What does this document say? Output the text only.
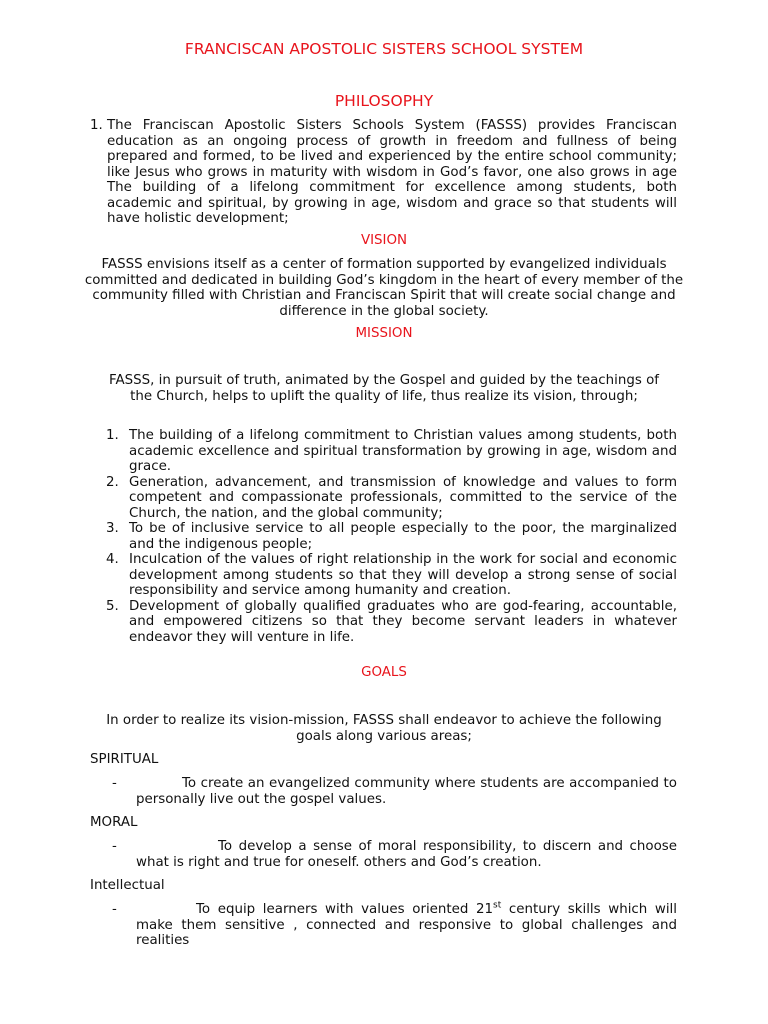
FRANCISCAN APOSTOLIC SISTERS SCHOOL SYSTEM
PHILOSOPHY
1. The Franciscan Apostolic Sisters Schools System (FASSS) provides Franciscan education as an ongoing process of growth in freedom and fullness of being prepared and formed, to be lived and experienced by the entire school community; like Jesus who grows in maturity with wisdom in God’s favor, one also grows in age The building of a lifelong commitment for excellence among students, both academic and spiritual, by growing in age, wisdom and grace so that students will have holistic development;
VISION
FASSS envisions itself as a center of formation supported by evangelized individuals committed and dedicated in building God’s kingdom in the heart of every member of the community filled with Christian and Franciscan Spirit that will create social change and difference in the global society.
MISSION
FASSS, in pursuit of truth, animated by the Gospel and guided by the teachings of the Church, helps to uplift the quality of life, thus realize its vision, through;
1. The building of a lifelong commitment to Christian values among students, both academic excellence and spiritual transformation by growing in age, wisdom and grace.
2. Generation, advancement, and transmission of knowledge and values to form competent and compassionate professionals, committed to the service of the Church, the nation, and the global community;
3. To be of inclusive service to all people especially to the poor, the marginalized and the indigenous people;
4. Inculcation of the values of right relationship in the work for social and economic development among students so that they will develop a strong sense of social responsibility and service among humanity and creation.
5. Development of globally qualified graduates who are god-fearing, accountable, and empowered citizens so that they become servant leaders in whatever endeavor they will venture in life.
GOALS
In order to realize its vision-mission, FASSS shall endeavor to achieve the following goals along various areas;
SPIRITUAL
-	To create an evangelized community where students are accompanied to personally live out the gospel values.
MORAL
-	To develop a sense of moral responsibility, to discern and choose what is right and true for oneself. others and God’s creation.
Intellectual
-	To equip learners with values oriented 21st century skills which will make them sensitive , connected and responsive to global challenges and realities
